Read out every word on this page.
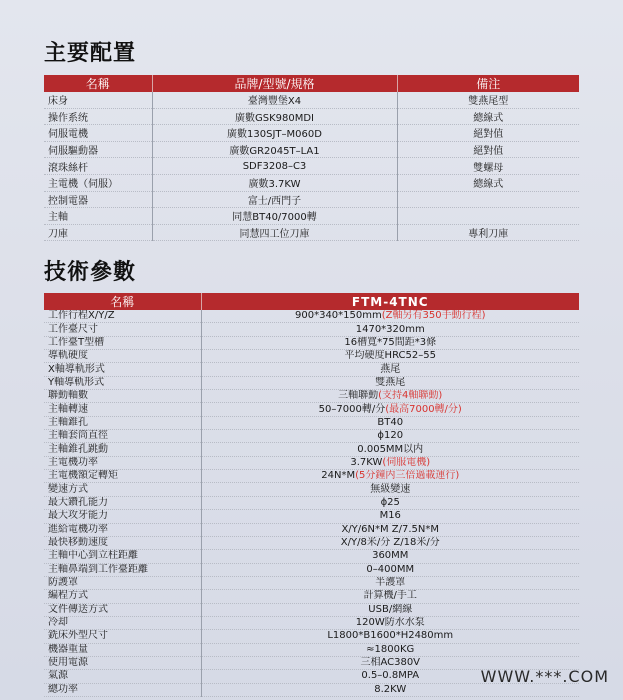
主要配置
名稱	品牌/型號/規格	備注
床身	臺灣豐堡X4	雙燕尾型
操作系统	廣數GSK980MDI	總線式
伺服電機	廣數130SJT–M060D	絕對值
伺服驅動器	廣數GR2045T–LA1	絕對值
滾珠絲杆	SDF3208–C3	雙螺母
主電機（伺服）	廣數3.7KW	總線式
控制電器	富士/西門子	
主軸	同慧BT40/7000轉	
刀庫	同慧四工位刀庫	專利刀庫
技術參數
名稱	FTM-4TNC
工作行程X/Y/Z	900*340*150mm(Z軸另有350手動行程)
工作臺尺寸	1470*320mm
工作臺T型槽	16槽寬*75間距*3條
導軌硬度	平均硬度HRC52–55
X軸導軌形式	燕尾
Y軸導軌形式	雙燕尾
聯動軸數	三軸聯動(支持4軸聯動)
主軸轉速	50–7000轉/分(最高7000轉/分)
主軸錐孔	BT40
主軸套筒直徑	ϕ120
主軸錐孔跳動	0.005MM以内
主電機功率	3.7KW(伺服電機)
主電機額定轉矩	24N*M(5分鐘内三倍過載運行)
變速方式	無級變速
最大鑽孔能力	ϕ25
最大攻牙能力	M16
進給電機功率	X/Y/6N*M Z/7.5N*M
最快移動速度	X/Y/8米/分 Z/18米/分
主軸中心到立柱距離	360MM
主軸鼻端到工作臺距離	0–400MM
防護罩	半護罩
編程方式	計算機/手工
文件傳送方式	USB/網線
冷却	120W防水水泵
銑床外型尺寸	L1800*B1600*H2480mm
機器重量	≈1800KG
使用電源	三相AC380V
氣源	0.5–0.8MPA
總功率	8.2KW
WWW.***.COM
